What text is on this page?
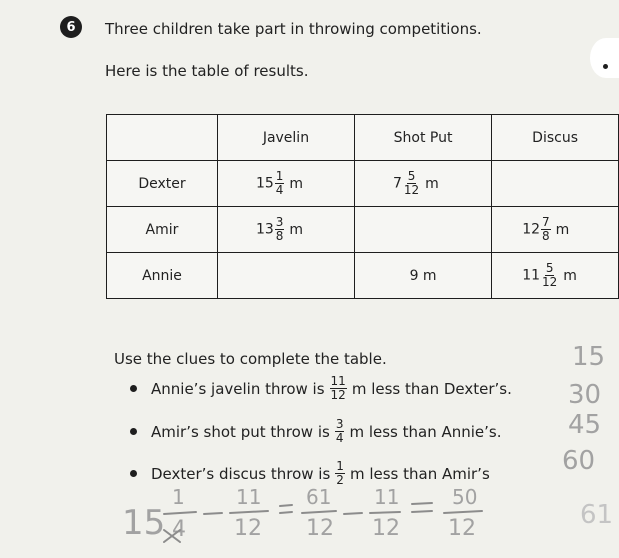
6	Three children take part in throwing competitions.
Here is the table of results.
	Javelin	Shot Put	Discus
Dexter	$15 \frac{1}{4}$ m	$7 \frac{5}{12}$ m	
Amir	$13 \frac{3}{8}$ m		$12 \frac{7}{8}$ m
Annie		9 m	$11 \frac{5}{12}$ m
Use the clues to complete the table.
Annie’s javelin throw is $\frac{11}{12}$ m less than Dexter’s.
Amir’s shot put throw is $\frac{3}{4}$ m less than Annie’s.
Dexter’s discus throw is $\frac{1}{2}$ m less than Amir’s
15
30
45
60
61
15
1
4
11
12
61
12
11
12
50
12
